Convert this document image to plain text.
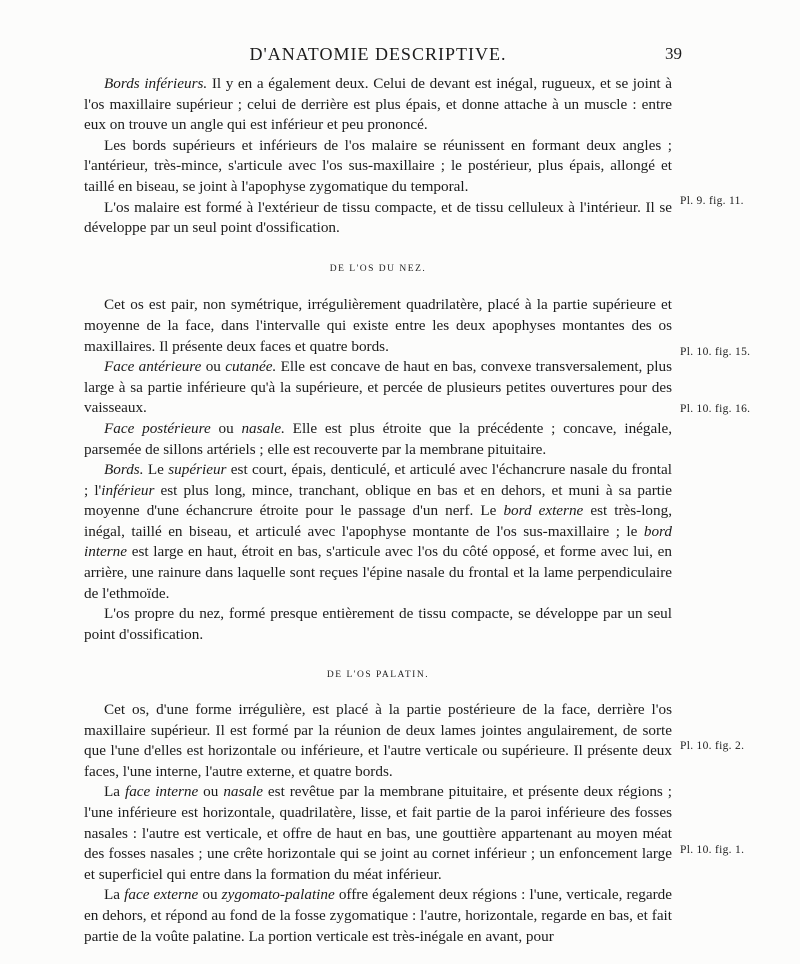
D'ANATOMIE DESCRIPTIVE.	39

Bords inférieurs. Il y en a également deux. Celui de devant est inégal, rugueux, et se joint à l'os maxillaire supérieur ; celui de derrière est plus épais, et donne attache à un muscle : entre eux on trouve un angle qui est inférieur et peu prononcé.

Les bords supérieurs et inférieurs de l'os malaire se réunissent en formant deux angles ; l'antérieur, très-mince, s'articule avec l'os sus-maxillaire ; le postérieur, plus épais, allongé et taillé en biseau, se joint à l'apophyse zygomatique du temporal.

L'os malaire est formé à l'extérieur de tissu compacte, et de tissu celluleux à l'intérieur. Il se développe par un seul point d'ossification.

DE L'OS DU NEZ.

Cet os est pair, non symétrique, irrégulièrement quadrilatère, placé à la partie supérieure et moyenne de la face, dans l'intervalle qui existe entre les deux apophyses montantes des os maxillaires. Il présente deux faces et quatre bords.

Face antérieure ou cutanée. Elle est concave de haut en bas, convexe transversalement, plus large à sa partie inférieure qu'à la supérieure, et percée de plusieurs petites ouvertures pour des vaisseaux.

Face postérieure ou nasale. Elle est plus étroite que la précédente ; concave, inégale, parsemée de sillons artériels ; elle est recouverte par la membrane pituitaire.

Bords. Le supérieur est court, épais, denticulé, et articulé avec l'échancrure nasale du frontal ; l'inférieur est plus long, mince, tranchant, oblique en bas et en dehors, et muni à sa partie moyenne d'une échancrure étroite pour le passage d'un nerf. Le bord externe est très-long, inégal, taillé en biseau, et articulé avec l'apophyse montante de l'os sus-maxillaire ; le bord interne est large en haut, étroit en bas, s'articule avec l'os du côté opposé, et forme avec lui, en arrière, une rainure dans laquelle sont reçues l'épine nasale du frontal et la lame perpendiculaire de l'ethmoïde.

L'os propre du nez, formé presque entièrement de tissu compacte, se développe par un seul point d'ossification.

DE L'OS PALATIN.

Cet os, d'une forme irrégulière, est placé à la partie postérieure de la face, derrière l'os maxillaire supérieur. Il est formé par la réunion de deux lames jointes angulairement, de sorte que l'une d'elles est horizontale ou inférieure, et l'autre verticale ou supérieure. Il présente deux faces, l'une interne, l'autre externe, et quatre bords.

La face interne ou nasale est revêtue par la membrane pituitaire, et présente deux régions ; l'une inférieure est horizontale, quadrilatère, lisse, et fait partie de la paroi inférieure des fosses nasales : l'autre est verticale, et offre de haut en bas, une gouttière appartenant au moyen méat des fosses nasales ; une crête horizontale qui se joint au cornet inférieur ; un enfoncement large et superficiel qui entre dans la formation du méat inférieur.

La face externe ou zygomato-palatine offre également deux régions : l'une, verticale, regarde en dehors, et répond au fond de la fosse zygomatique : l'autre, horizontale, regarde en bas, et fait partie de la voûte palatine. La portion verticale est très-inégale en avant, pour

Pl. 9. fig. 11.
Pl. 10. fig. 15.
Pl. 10. fig. 16.
Pl. 10. fig. 2.
Pl. 10. fig. 1.
